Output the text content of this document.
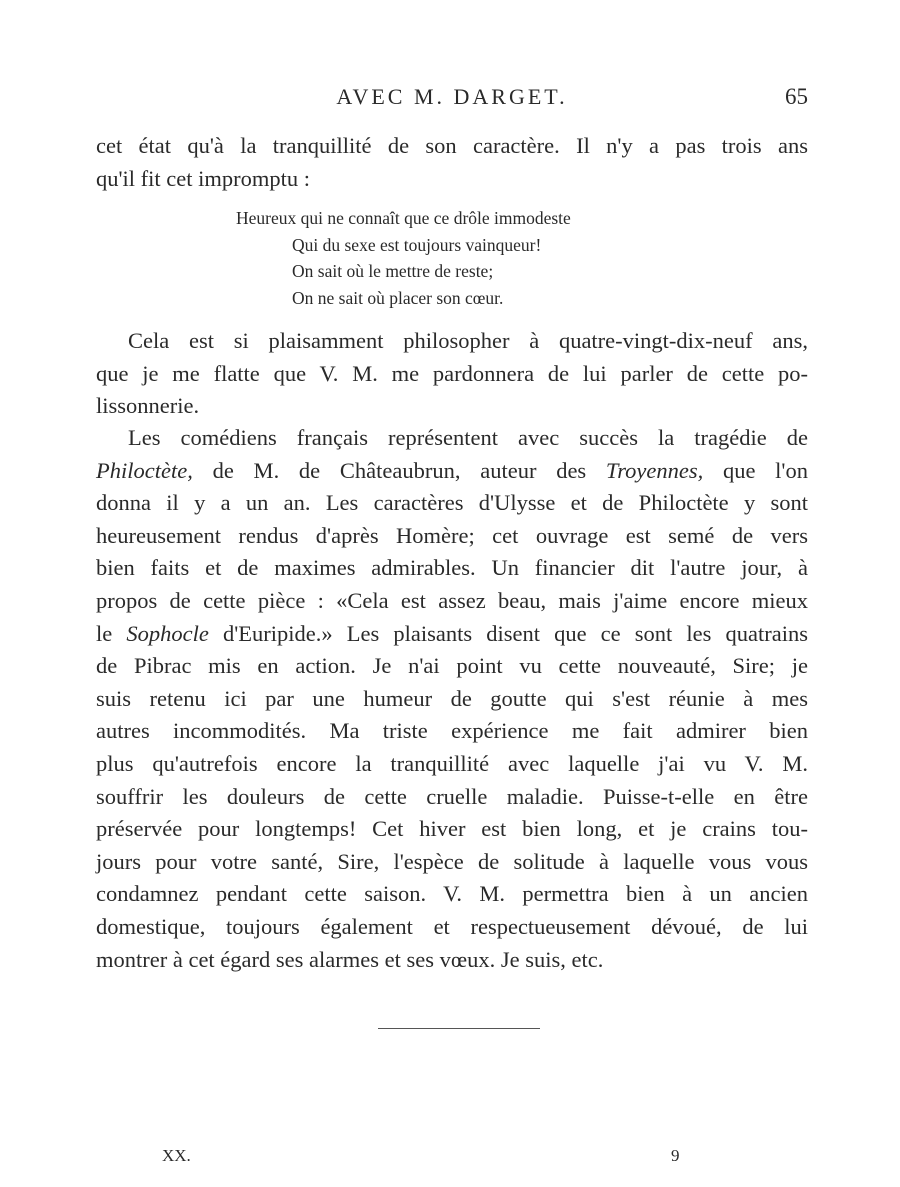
AVEC M. DARGET.	65
cet état qu'à la tranquillité de son caractère. Il n'y a pas trois ans
qu'il fit cet impromptu :
Heureux qui ne connaît que ce drôle immodeste
Qui du sexe est toujours vainqueur!
On sait où le mettre de reste;
On ne sait où placer son cœur.
Cela est si plaisamment philosopher à quatre-vingt-dix-neuf ans,
que je me flatte que V. M. me pardonnera de lui parler de cette po-
lissonnerie.
Les comédiens français représentent avec succès la tragédie de
Philoctète, de M. de Châteaubrun, auteur des Troyennes, que l'on
donna il y a un an. Les caractères d'Ulysse et de Philoctète y sont
heureusement rendus d'après Homère; cet ouvrage est semé de vers
bien faits et de maximes admirables. Un financier dit l'autre jour, à
propos de cette pièce : «Cela est assez beau, mais j'aime encore mieux
le Sophocle d'Euripide.» Les plaisants disent que ce sont les quatrains
de Pibrac mis en action. Je n'ai point vu cette nouveauté, Sire; je
suis retenu ici par une humeur de goutte qui s'est réunie à mes
autres incommodités. Ma triste expérience me fait admirer bien
plus qu'autrefois encore la tranquillité avec laquelle j'ai vu V. M.
souffrir les douleurs de cette cruelle maladie. Puisse-t-elle en être
préservée pour longtemps! Cet hiver est bien long, et je crains tou-
jours pour votre santé, Sire, l'espèce de solitude à laquelle vous vous
condamnez pendant cette saison. V. M. permettra bien à un ancien
domestique, toujours également et respectueusement dévoué, de lui
montrer à cet égard ses alarmes et ses vœux. Je suis, etc.
XX.	9
